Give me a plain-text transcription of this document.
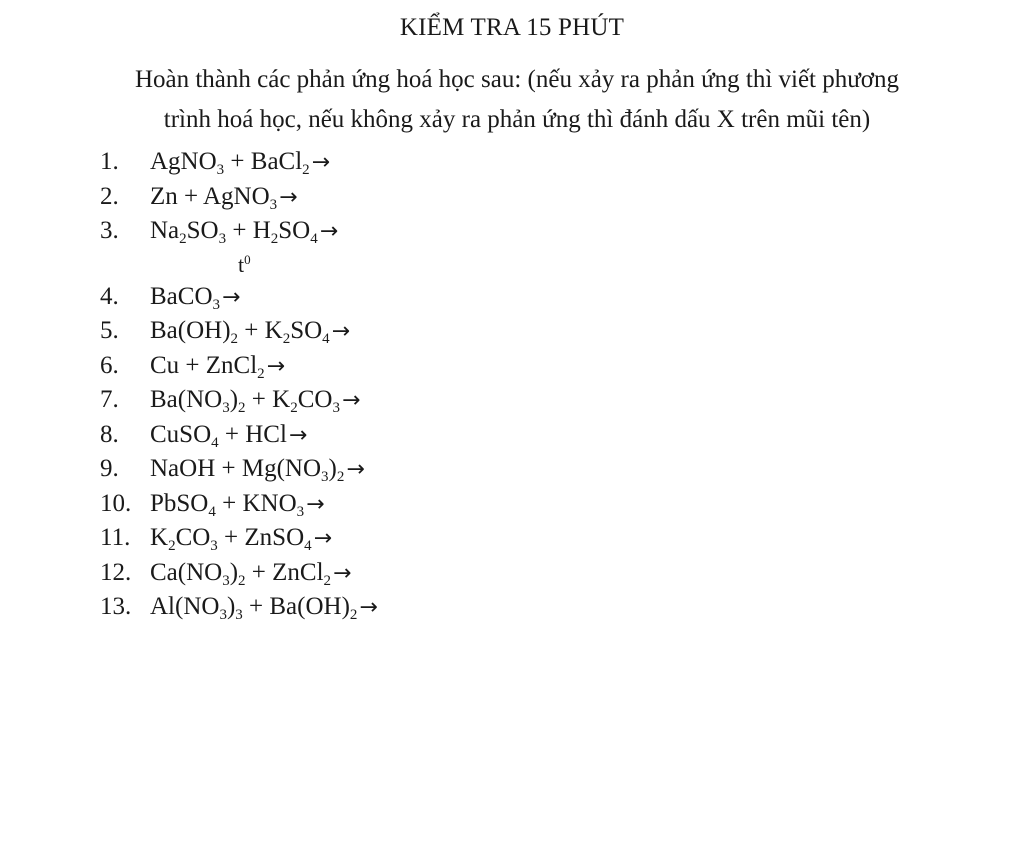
KIỂM TRA 15 PHÚT
Hoàn thành các phản ứng hoá học sau: (nếu xảy ra phản ứng thì viết phương
trình hoá học, nếu không xảy ra phản ứng thì đánh dấu X trên mũi tên)
1.	AgNO$_3$ + BaCl$_2$→
2.	Zn + AgNO$_3$→
3.	$Na_2SO_3 + H_2SO_4\to$
$t^0$
4.	BaCO$_3$→
5.	$Ba(OH)_2 + K_2SO_4\to$
6.	Cu + ZnCl$_2$→
7.	$Ba(NO_3)_2 + K_2CO_3\to$
8.	CuSO$_4$ + HCl→
9.	NaOH + $Mg(NO_3)_2\to$
10. PbSO$_4$ + $KNO_3\to$
11. $K_2CO_3$ + ZnSO$_4$→
12. $Ca(NO_3)_2$ + ZnCl$_2$→
13. $Al(NO_3)_3 + Ba(OH)_2\to$
